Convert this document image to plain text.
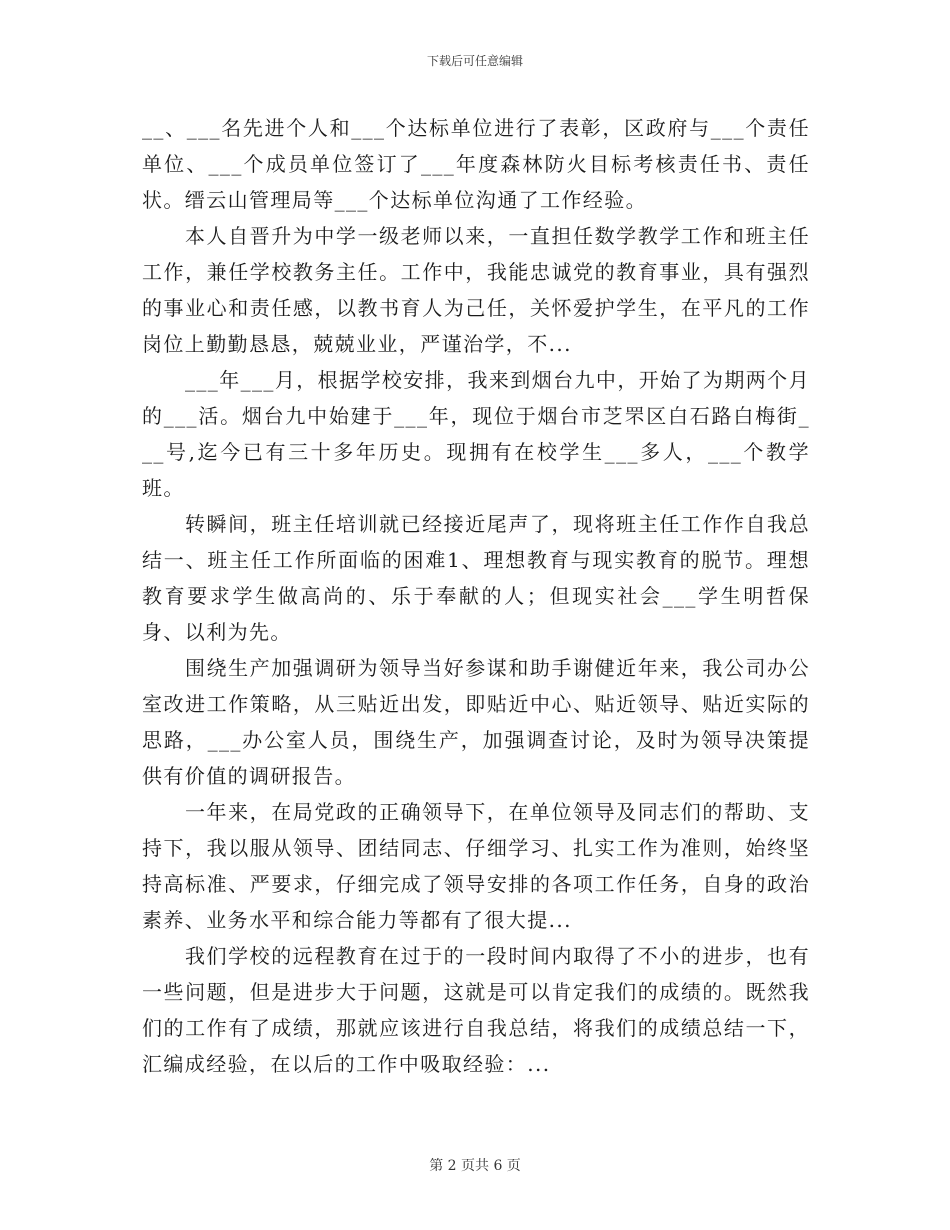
下载后可任意编辑

__、___名先进个人和___个达标单位进行了表彰，区政府与___个责任单位、___个成员单位签订了___年度森林防火目标考核责任书、责任状。缙云山管理局等___个达标单位沟通了工作经验。

本人自晋升为中学一级老师以来，一直担任数学教学工作和班主任工作，兼任学校教务主任。工作中，我能忠诚党的教育事业，具有强烈的事业心和责任感，以教书育人为己任，关怀爱护学生，在平凡的工作岗位上勤勤恳恳，兢兢业业，严谨治学，不...

___年___月，根据学校安排，我来到烟台九中，开始了为期两个月的___活。烟台九中始建于___年，现位于烟台市芝罘区白石路白梅街___号,迄今已有三十多年历史。现拥有在校学生___多人，___个教学班。

转瞬间，班主任培训就已经接近尾声了，现将班主任工作作自我总结一、班主任工作所面临的困难1、理想教育与现实教育的脱节。理想教育要求学生做高尚的、乐于奉献的人；但现实社会___学生明哲保身、以利为先。

围绕生产加强调研为领导当好参谋和助手谢健近年来，我公司办公室改进工作策略，从三贴近出发，即贴近中心、贴近领导、贴近实际的思路，___办公室人员，围绕生产，加强调查讨论，及时为领导决策提供有价值的调研报告。

一年来，在局党政的正确领导下，在单位领导及同志们的帮助、支持下，我以服从领导、团结同志、仔细学习、扎实工作为准则，始终坚持高标准、严要求，仔细完成了领导安排的各项工作任务，自身的政治素养、业务水平和综合能力等都有了很大提...

我们学校的远程教育在过于的一段时间内取得了不小的进步，也有一些问题，但是进步大于问题，这就是可以肯定我们的成绩的。既然我们的工作有了成绩，那就应该进行自我总结，将我们的成绩总结一下，汇编成经验，在以后的工作中吸取经验：...

第 2 页共 6 页
